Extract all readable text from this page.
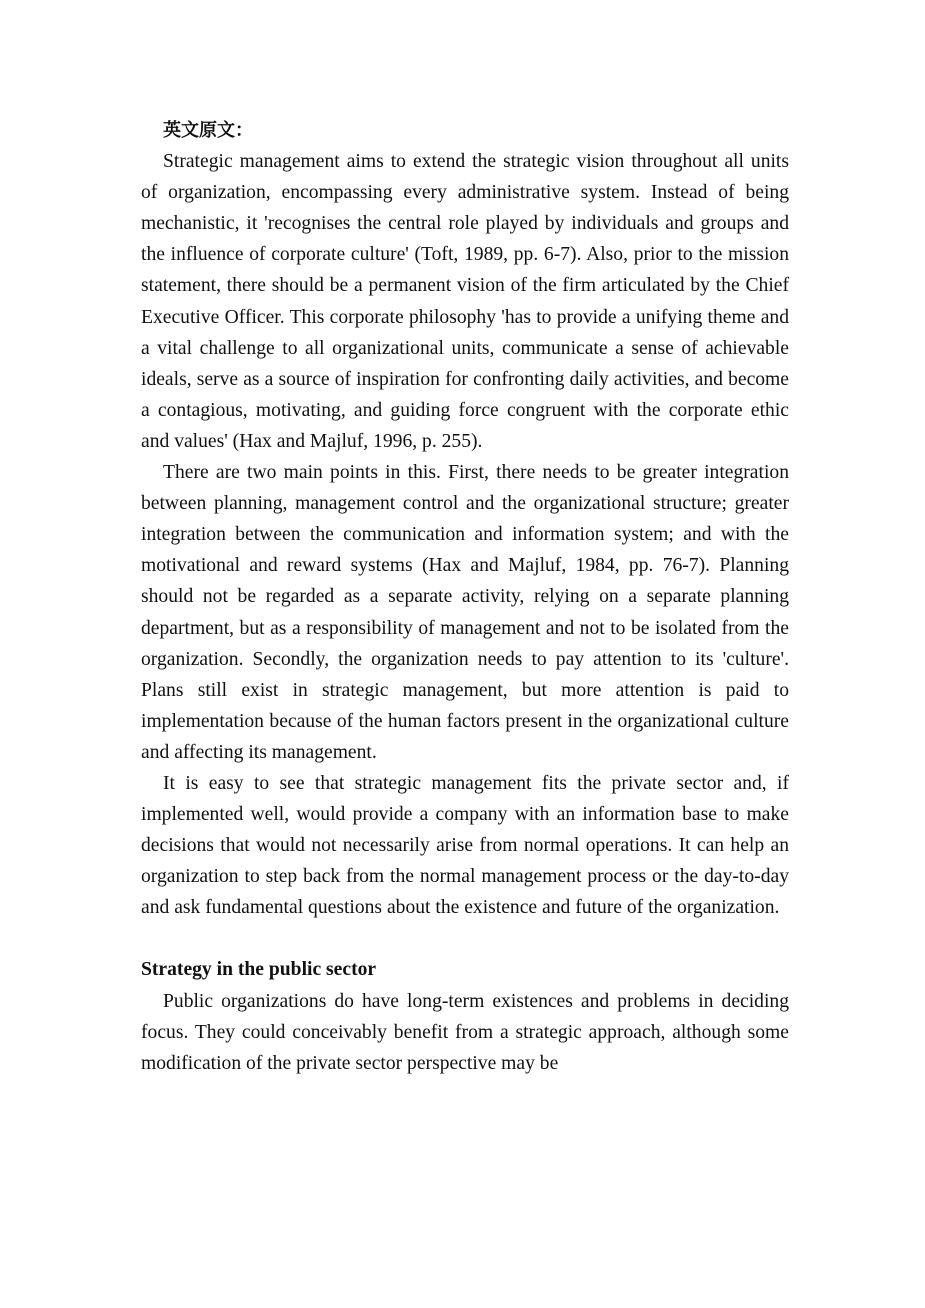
英文原文：

Strategic management aims to extend the strategic vision throughout all units of organization, encompassing every administrative system. Instead of being mechanistic, it 'recognises the central role played by individuals and groups and the influence of corporate culture' (Toft, 1989, pp. 6-7). Also, prior to the mission statement, there should be a permanent vision of the firm articulated by the Chief Executive Officer. This corporate philosophy 'has to provide a unifying theme and a vital challenge to all organizational units, communicate a sense of achievable ideals, serve as a source of inspiration for confronting daily activities, and become a contagious, motivating, and guiding force congruent with the corporate ethic and values' (Hax and Majluf, 1996, p. 255).

There are two main points in this. First, there needs to be greater integration between planning, management control and the organizational structure; greater integration between the communication and information system; and with the motivational and reward systems (Hax and Majluf, 1984, pp. 76-7). Planning should not be regarded as a separate activity, relying on a separate planning department, but as a responsibility of management and not to be isolated from the organization. Secondly, the organization needs to pay attention to its 'culture'. Plans still exist in strategic management, but more attention is paid to implementation because of the human factors present in the organizational culture and affecting its management.

It is easy to see that strategic management fits the private sector and, if implemented well, would provide a company with an information base to make decisions that would not necessarily arise from normal operations. It can help an organization to step back from the normal management process or the day-to-day and ask fundamental questions about the existence and future of the organization.

Strategy in the public sector

Public organizations do have long-term existences and problems in deciding focus. They could conceivably benefit from a strategic approach, although some modification of the private sector perspective may be
